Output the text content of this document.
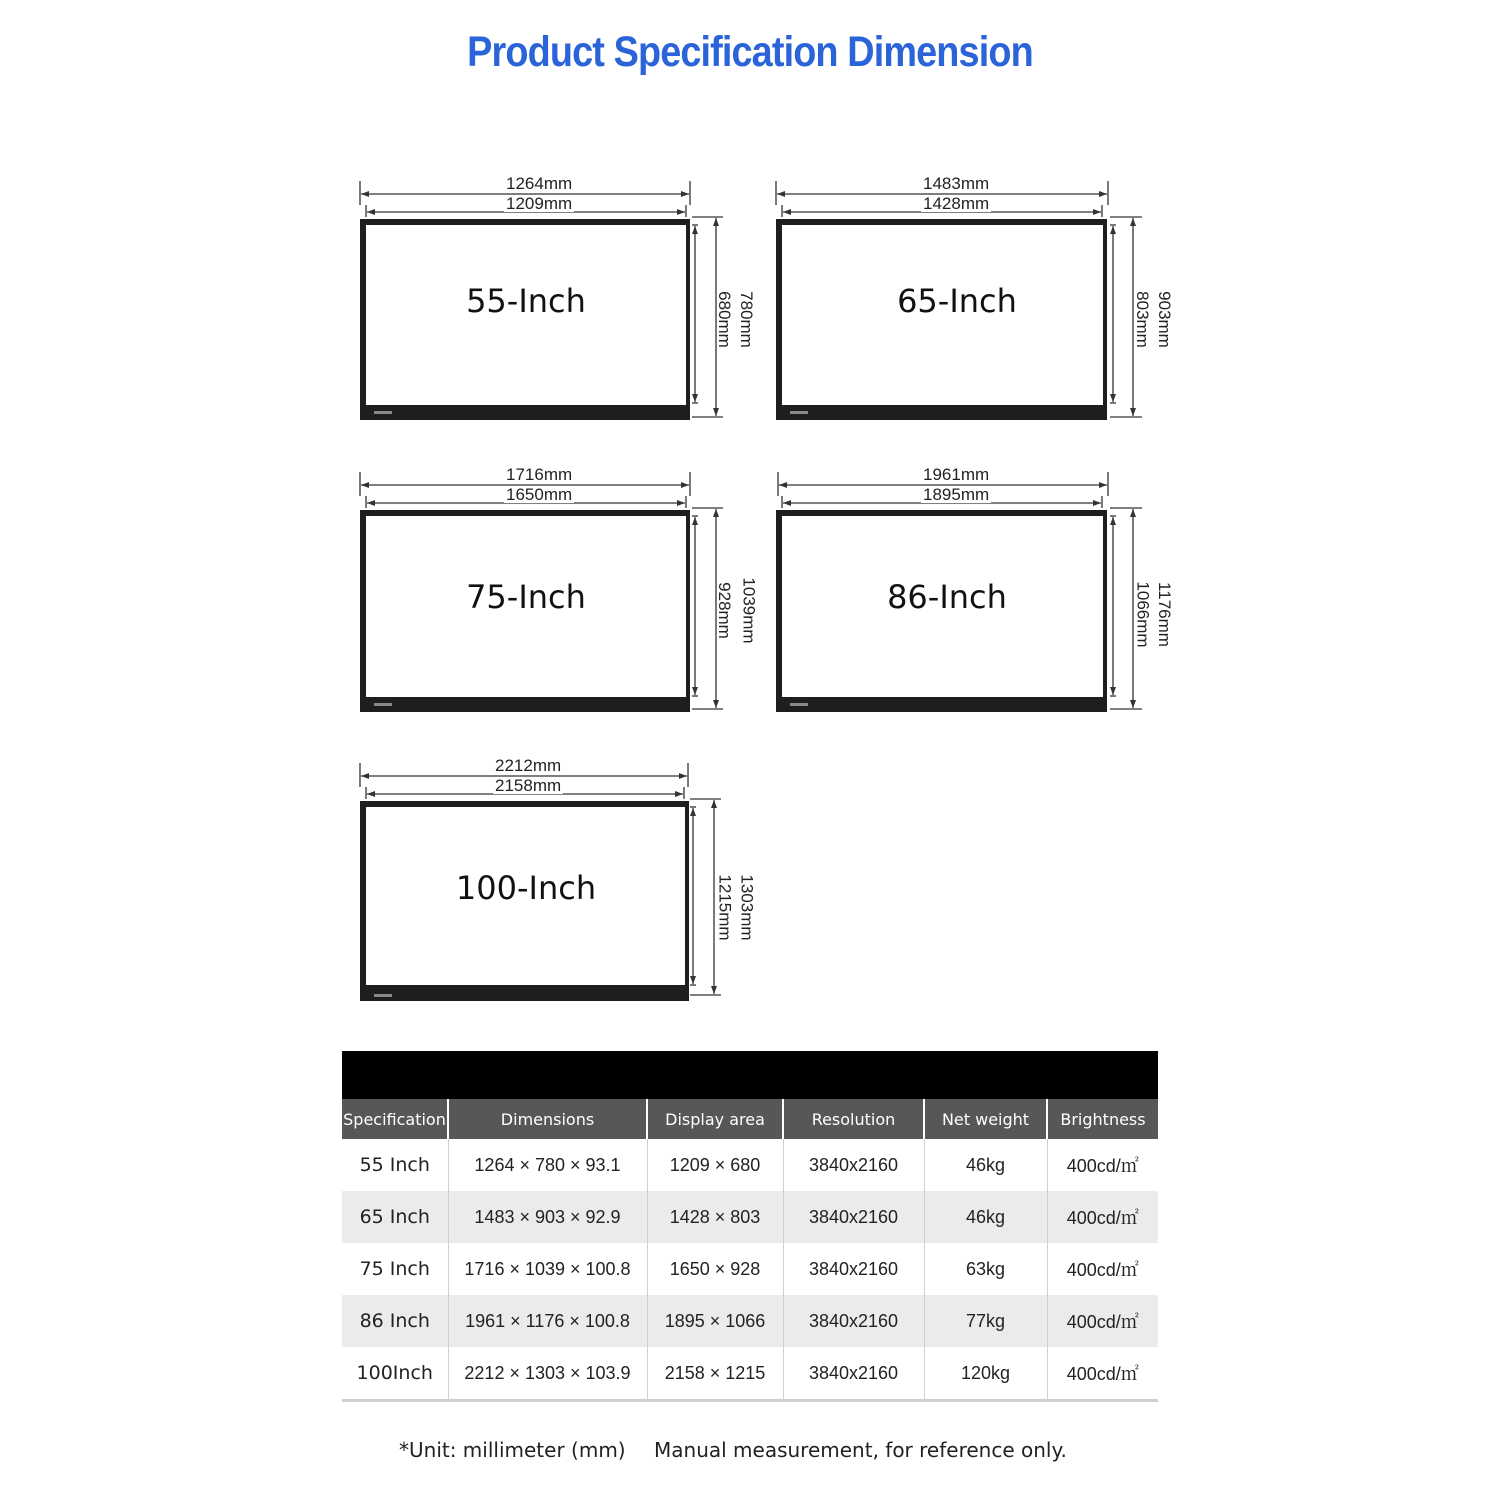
Product Specification Dimension
1264mm
1209mm
680mm 780mm
55-Inch
1483mm
1428mm
803mm 903mm
65-Inch
1716mm
1650mm
928mm 1039mm
75-Inch
1961mm
1895mm
1066mm 1176mm
86-Inch
2212mm
2158mm
1215mm 1303mm
100-Inch

Specification	Dimensions	Display area	Resolution	Net weight	Brightness
55 Inch	1264 × 780 × 93.1	1209 × 680	3840x2160	46kg	400cd/㎡
65 Inch	1483 × 903 × 92.9	1428 × 803	3840x2160	46kg	400cd/㎡
75 Inch	1716 × 1039 × 100.8	1650 × 928	3840x2160	63kg	400cd/㎡
86 Inch	1961 × 1176 × 100.8	1895 × 1066	3840x2160	77kg	400cd/㎡
100Inch	2212 × 1303 × 103.9	2158 × 1215	3840x2160	120kg	400cd/㎡
*Unit: millimeter (mm) Manual measurement, for reference only.
